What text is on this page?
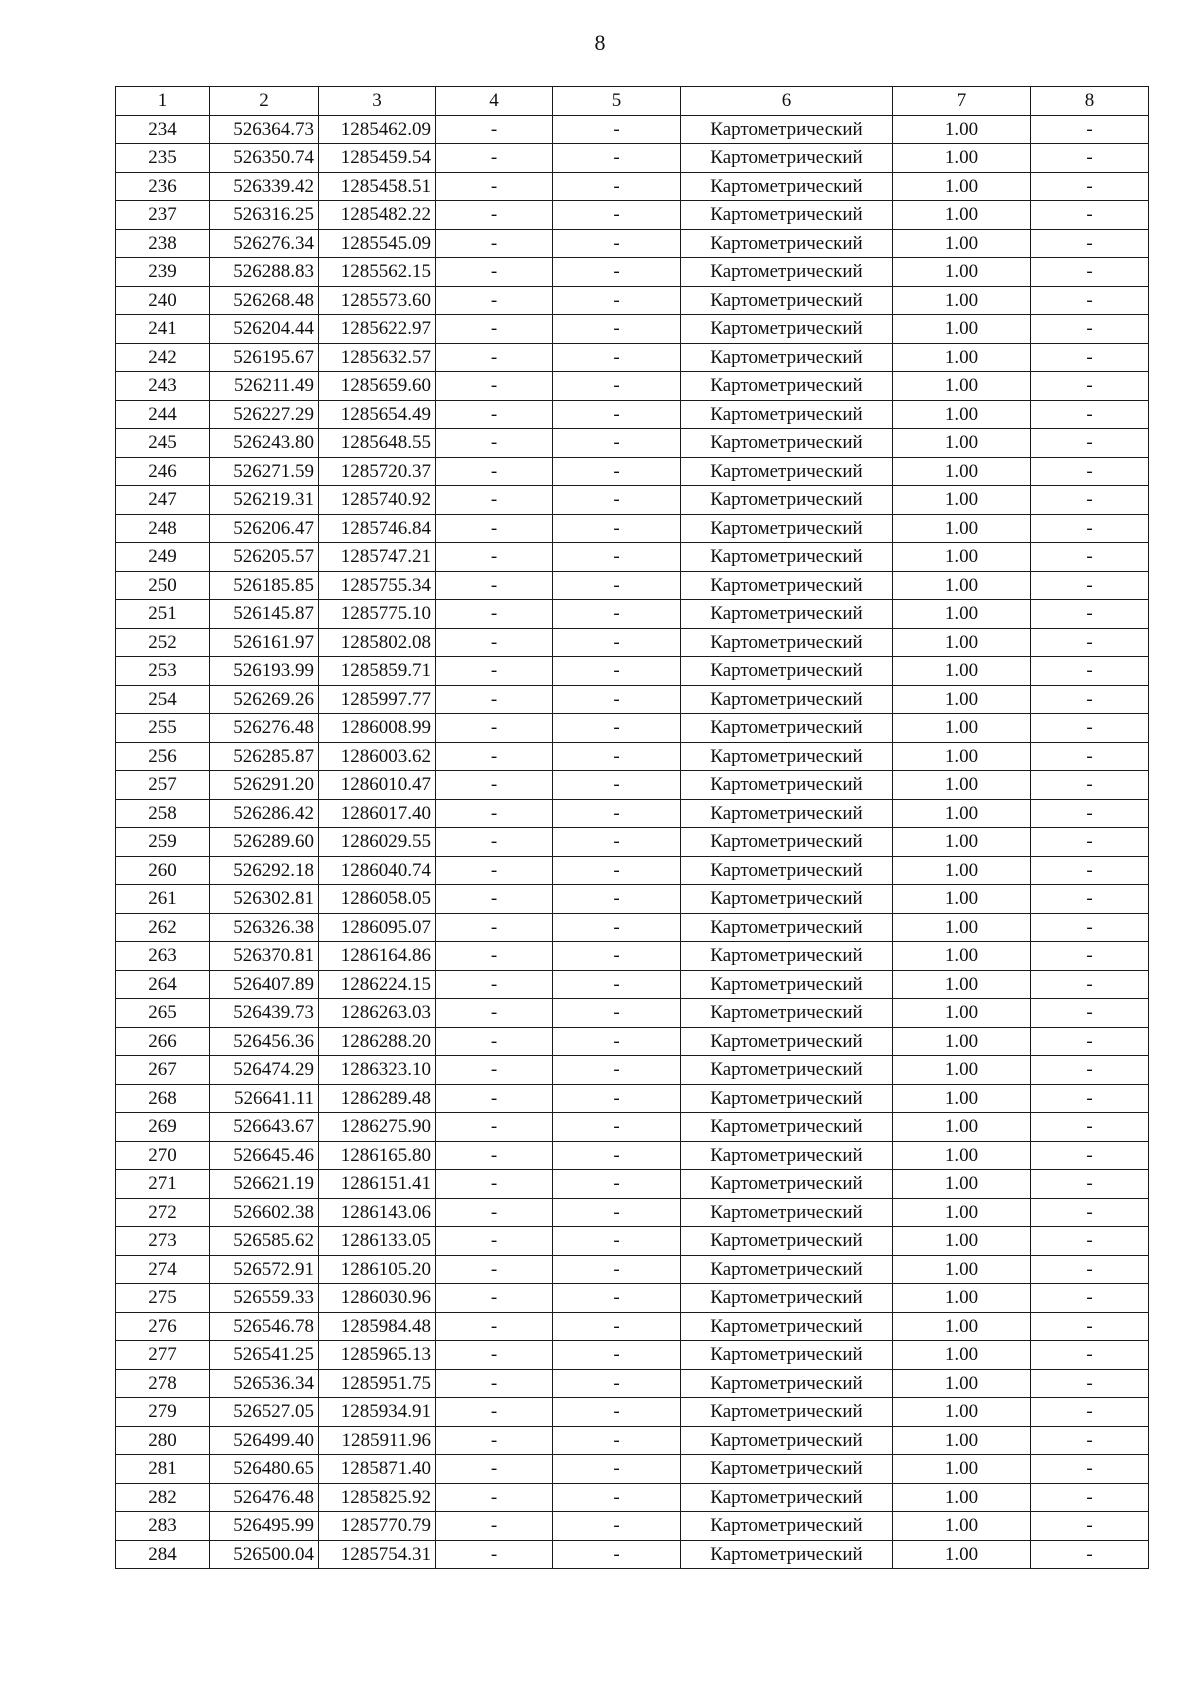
8
1	2	3	4	5	6	7	8
234	526364.73	1285462.09	-	-	Картометрический	1.00	-
235	526350.74	1285459.54	-	-	Картометрический	1.00	-
236	526339.42	1285458.51	-	-	Картометрический	1.00	-
237	526316.25	1285482.22	-	-	Картометрический	1.00	-
238	526276.34	1285545.09	-	-	Картометрический	1.00	-
239	526288.83	1285562.15	-	-	Картометрический	1.00	-
240	526268.48	1285573.60	-	-	Картометрический	1.00	-
241	526204.44	1285622.97	-	-	Картометрический	1.00	-
242	526195.67	1285632.57	-	-	Картометрический	1.00	-
243	526211.49	1285659.60	-	-	Картометрический	1.00	-
244	526227.29	1285654.49	-	-	Картометрический	1.00	-
245	526243.80	1285648.55	-	-	Картометрический	1.00	-
246	526271.59	1285720.37	-	-	Картометрический	1.00	-
247	526219.31	1285740.92	-	-	Картометрический	1.00	-
248	526206.47	1285746.84	-	-	Картометрический	1.00	-
249	526205.57	1285747.21	-	-	Картометрический	1.00	-
250	526185.85	1285755.34	-	-	Картометрический	1.00	-
251	526145.87	1285775.10	-	-	Картометрический	1.00	-
252	526161.97	1285802.08	-	-	Картометрический	1.00	-
253	526193.99	1285859.71	-	-	Картометрический	1.00	-
254	526269.26	1285997.77	-	-	Картометрический	1.00	-
255	526276.48	1286008.99	-	-	Картометрический	1.00	-
256	526285.87	1286003.62	-	-	Картометрический	1.00	-
257	526291.20	1286010.47	-	-	Картометрический	1.00	-
258	526286.42	1286017.40	-	-	Картометрический	1.00	-
259	526289.60	1286029.55	-	-	Картометрический	1.00	-
260	526292.18	1286040.74	-	-	Картометрический	1.00	-
261	526302.81	1286058.05	-	-	Картометрический	1.00	-
262	526326.38	1286095.07	-	-	Картометрический	1.00	-
263	526370.81	1286164.86	-	-	Картометрический	1.00	-
264	526407.89	1286224.15	-	-	Картометрический	1.00	-
265	526439.73	1286263.03	-	-	Картометрический	1.00	-
266	526456.36	1286288.20	-	-	Картометрический	1.00	-
267	526474.29	1286323.10	-	-	Картометрический	1.00	-
268	526641.11	1286289.48	-	-	Картометрический	1.00	-
269	526643.67	1286275.90	-	-	Картометрический	1.00	-
270	526645.46	1286165.80	-	-	Картометрический	1.00	-
271	526621.19	1286151.41	-	-	Картометрический	1.00	-
272	526602.38	1286143.06	-	-	Картометрический	1.00	-
273	526585.62	1286133.05	-	-	Картометрический	1.00	-
274	526572.91	1286105.20	-	-	Картометрический	1.00	-
275	526559.33	1286030.96	-	-	Картометрический	1.00	-
276	526546.78	1285984.48	-	-	Картометрический	1.00	-
277	526541.25	1285965.13	-	-	Картометрический	1.00	-
278	526536.34	1285951.75	-	-	Картометрический	1.00	-
279	526527.05	1285934.91	-	-	Картометрический	1.00	-
280	526499.40	1285911.96	-	-	Картометрический	1.00	-
281	526480.65	1285871.40	-	-	Картометрический	1.00	-
282	526476.48	1285825.92	-	-	Картометрический	1.00	-
283	526495.99	1285770.79	-	-	Картометрический	1.00	-
284	526500.04	1285754.31	-	-	Картометрический	1.00	-
